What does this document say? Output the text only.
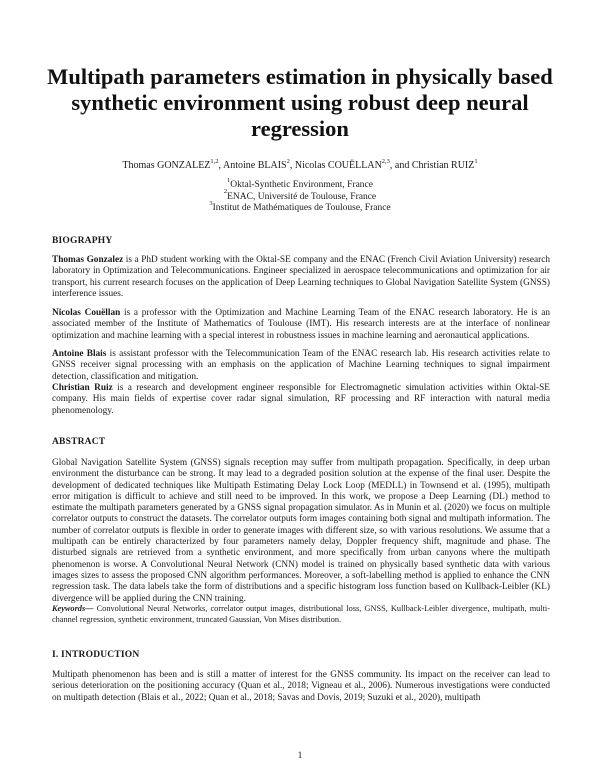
Multipath parameters estimation in physically based synthetic environment using robust deep neural regression
Thomas GONZALEZ$^{1,2}$, Antoine BLAIS$^2$, Nicolas COUËLLAN$^{2,3}$, and Christian RUIZ$^1$
$^1$Oktal-Synthetic Environment, France
$^2$ENAC, Université de Toulouse, France
$^3$Institut de Mathématiques de Toulouse, France
BIOGRAPHY

Thomas Gonzalez is a PhD student working with the Oktal-SE company and the ENAC (French Civil Aviation University) research laboratory in Optimization and Telecommunications. Engineer specialized in aerospace telecommunications and optimization for air transport, his current research focuses on the application of Deep Learning techniques to Global Navigation Satellite System (GNSS) interference issues.

Nicolas Couëllan is a professor with the Optimization and Machine Learning Team of the ENAC research laboratory. He is an associated member of the Institute of Mathematics of Toulouse (IMT). His research interests are at the interface of nonlinear optimization and machine learning with a special interest in robustness issues in machine learning and aeronautical applications.

Antoine Blais is assistant professor with the Telecommunication Team of the ENAC research lab. His research activities relate to GNSS receiver signal processing with an emphasis on the application of Machine Learning techniques to signal impairment detection, classification and mitigation.

Christian Ruiz is a research and development engineer responsible for Electromagnetic simulation activities within Oktal-SE company. His main fields of expertise cover radar signal simulation, RF processing and RF interaction with natural media phenomenology.

ABSTRACT

Global Navigation Satellite System (GNSS) signals reception may suffer from multipath propagation. Specifically, in deep urban environment the disturbance can be strong. It may lead to a degraded position solution at the expense of the final user. Despite the development of dedicated techniques like Multipath Estimating Delay Lock Loop (MEDLL) in Townsend et al. (1995), multipath error mitigation is difficult to achieve and still need to be improved. In this work, we propose a Deep Learning (DL) method to estimate the multipath parameters generated by a GNSS signal propagation simulator. As in Munin et al. (2020) we focus on multiple correlator outputs to construct the datasets. The correlator outputs form images containing both signal and multipath information. The number of correlator outputs is flexible in order to generate images with different size, so with various resolutions. We assume that a multipath can be entirely characterized by four parameters namely delay, Doppler frequency shift, magnitude and phase. The disturbed signals are retrieved from a synthetic environment, and more specifically from urban canyons where the multipath phenomenon is worse. A Convolutional Neural Network (CNN) model is trained on physically based synthetic data with various images sizes to assess the proposed CNN algorithm performances. Moreover, a soft-labelling method is applied to enhance the CNN regression task. The data labels take the form of distributions and a specific histogram loss function based on Kullback-Leibler (KL) divergence will be applied during the CNN training.

Keywords— Convolutional Neural Networks, correlator output images, distributional loss, GNSS, Kullback-Leibler divergence, multipath, multi-channel regression, synthetic environment, truncated Gaussian, Von Mises distribution.

I. INTRODUCTION

Multipath phenomenon has been and is still a matter of interest for the GNSS community. Its impact on the receiver can lead to serious deterioration on the positioning accuracy (Quan et al., 2018; Vigneau et al., 2006). Numerous investigations were conducted on multipath detection (Blais et al., 2022; Quan et al., 2018; Savas and Dovis, 2019; Suzuki et al., 2020), multipath

1
